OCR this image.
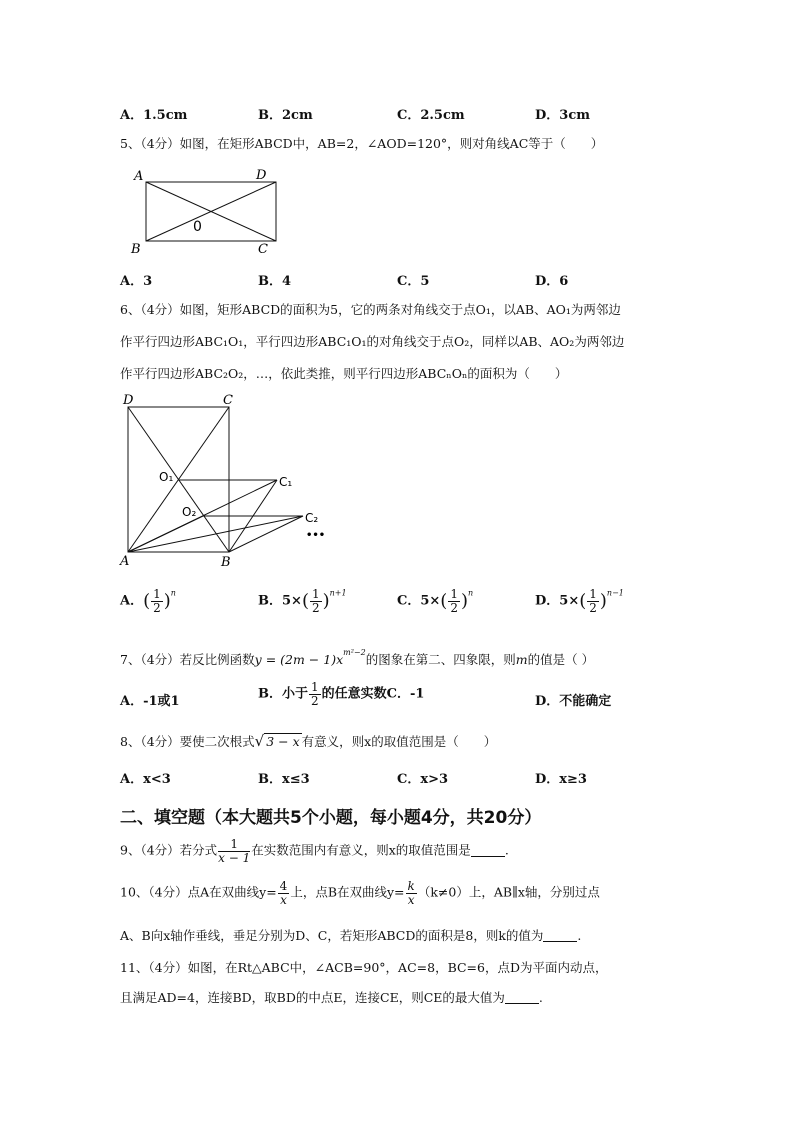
A．1.5cm	B．2cm	C．2.5cm	D．3cm
5、（4分）如图，在矩形ABCD中，AB=2，∠AOD=120°，则对角线AC等于（　　）
A	D
B	C
0
A．3	B．4	C．5	D．6
6、（4分）如图，矩形ABCD的面积为5，它的两条对角线交于点O₁，以AB、AO₁为两邻边
作平行四边形ABC₁O₁，平行四边形ABC₁O₁的对角线交于点O₂，同样以AB、AO₂为两邻边
作平行四边形ABC₂O₂，…，依此类推，则平行四边形ABCₙOₙ的面积为（　　）
D	C
A	B
O₁
O₂
C₁
C₂
•••
A．( $\frac{1}{2} )^n$
B．$5\times( \frac{1}{2} )^{n+1}$
C．$5\times( \frac{1}{2} )^n$
D．$5\times( \frac{1}{2} )^{n-1}$
7、（4分）若反比例函数$y = (2m - 1)x^{m^2-2}$的图象在第二、四象限，则m的值是（ ）
A．-1或1	B．小于 $\frac{1}{2}$ 的任意实数C．-1	D．不能确定
8、（4分）要使二次根式√ 3 − x 有意义，则x的取值范围是（　　）
A．x<3	B．x≤3	C．x>3	D．x≥3
二、填空题（本大题共5个小题，每小题4分，共20分）
9、（4分）若分式 $\frac{1}{x - 1}$ 在实数范围内有意义，则x的取值范围是	.
10、（4分）点A在双曲线$y= \frac{4}{x}$ 上，点B在双曲线$y= \frac{k}{x} (k\ne 0)$上，AB∥x轴，分别过点
A、B向x轴作垂线，垂足分别为D、C，若矩形ABCD的面积是8，则k的值为	.
11、（4分）如图，在Rt△ABC中，∠ACB=90°，AC=8，BC=6，点D为平面内动点，
且满足AD=4，连接BD，取BD的中点E，连接CE，则CE的最大值为	.
